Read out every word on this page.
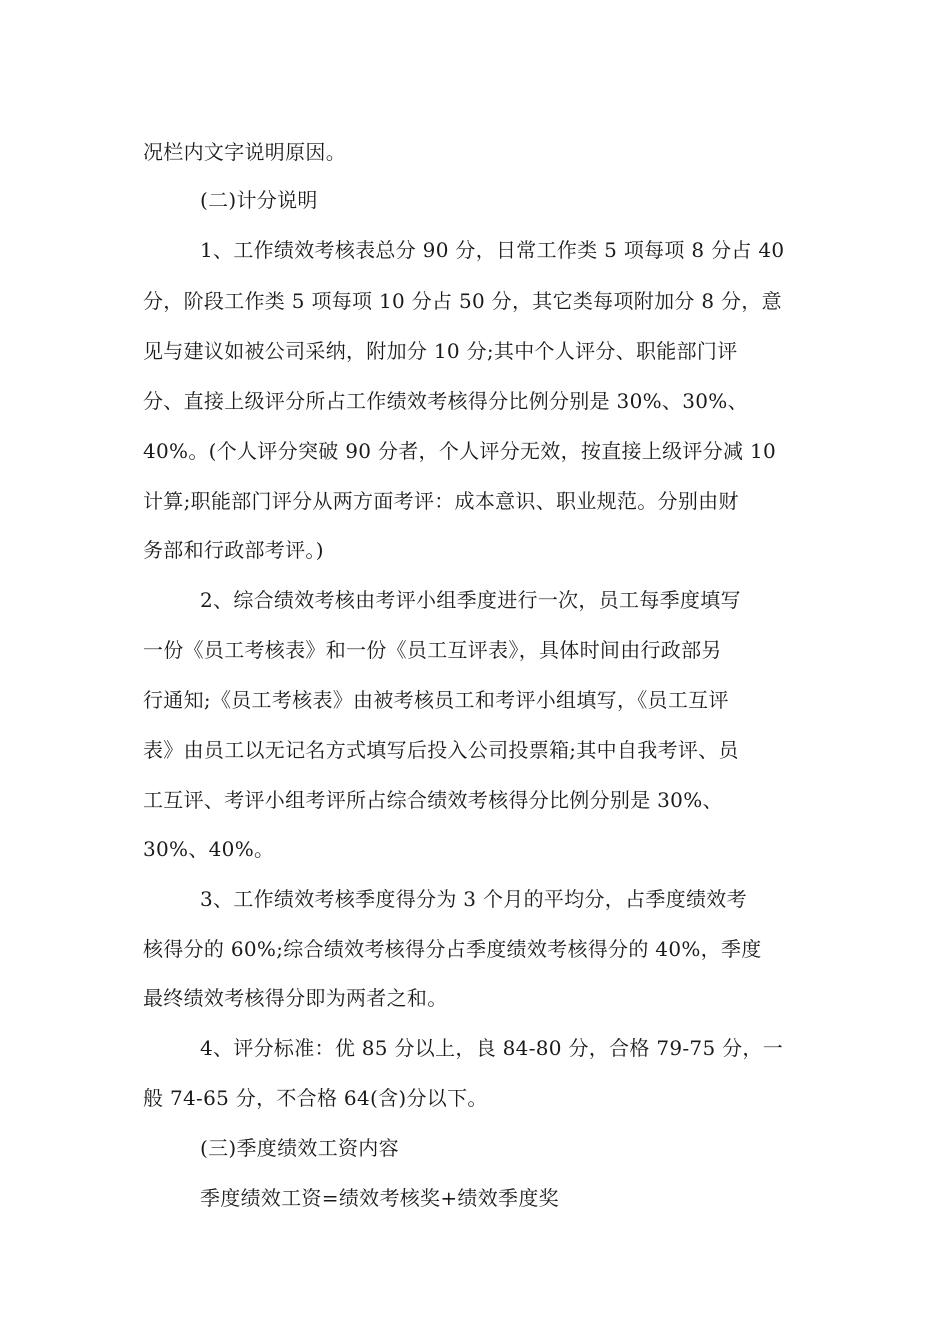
况栏内文字说明原因。
(二)计分说明
1、工作绩效考核表总分 90 分，日常工作类 5 项每项 8 分占 40
分，阶段工作类 5 项每项 10 分占 50 分，其它类每项附加分 8 分，意
见与建议如被公司采纳，附加分 10 分;其中个人评分、职能部门评
分、直接上级评分所占工作绩效考核得分比例分别是 30%、30%、
40%。(个人评分突破 90 分者，个人评分无效，按直接上级评分减 10
计算;职能部门评分从两方面考评：成本意识、职业规范。分别由财
务部和行政部考评。)
2、综合绩效考核由考评小组季度进行一次，员工每季度填写
一份《员工考核表》和一份《员工互评表》，具体时间由行政部另
行通知;《员工考核表》由被考核员工和考评小组填写，《员工互评
表》由员工以无记名方式填写后投入公司投票箱;其中自我考评、员
工互评、考评小组考评所占综合绩效考核得分比例分别是 30%、
30%、40%。
3、工作绩效考核季度得分为 3 个月的平均分，占季度绩效考
核得分的 60%;综合绩效考核得分占季度绩效考核得分的 40%，季度
最终绩效考核得分即为两者之和。
4、评分标准：优 85 分以上，良 84-80 分，合格 79-75 分，一
般 74-65 分，不合格 64(含)分以下。
(三)季度绩效工资内容
季度绩效工资=绩效考核奖+绩效季度奖
